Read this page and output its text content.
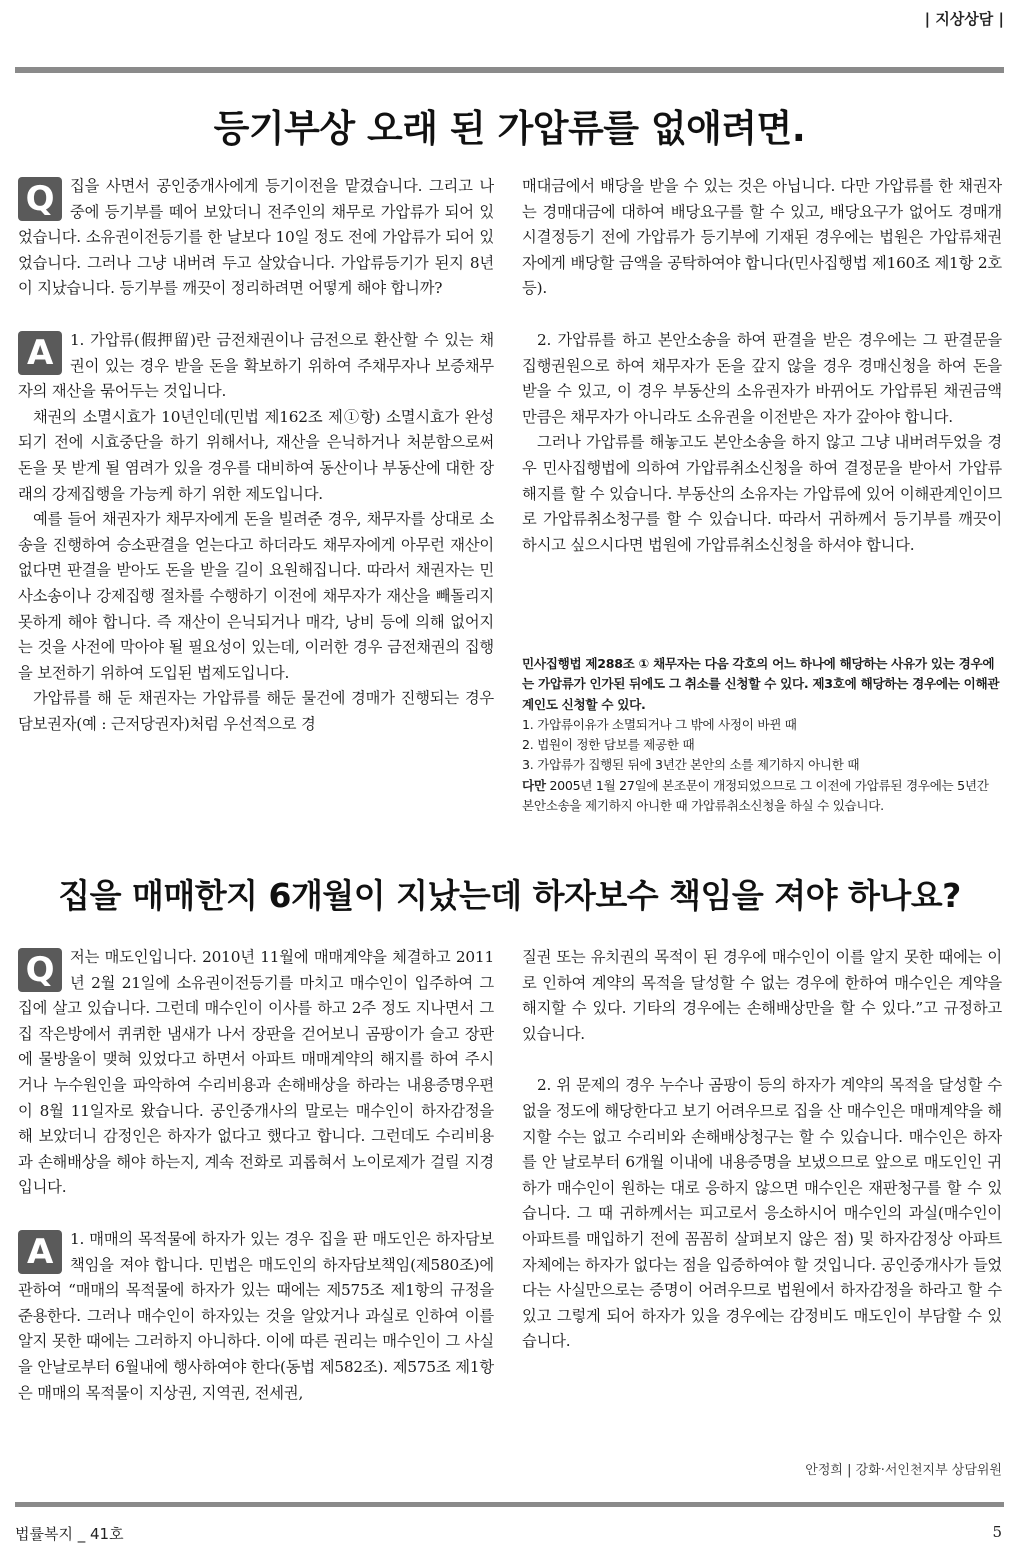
| 지상상담 |
등기부상 오래 된 가압류를 없애려면.
Q	집을 사면서 공인중개사에게 등기이전을 맡겼습니다. 그리고 나중에 등기부를 떼어 보았더니 전주인의 채무로 가압류가 되어 있었습니다. 소유권이전등기를 한 날보다 10일 정도 전에 가압류가 되어 있었습니다. 그러나 그냥 내버려 두고 살았습니다. 가압류등기가 된지 8년이 지났습니다. 등기부를 깨끗이 정리하려면 어떻게 해야 합니까?

A	1. 가압류(假押留)란 금전채권이나 금전으로 환산할 수 있는 채권이 있는 경우 받을 돈을 확보하기 위하여 주채무자나 보증채무자의 재산을 묶어두는 것입니다.

채권의 소멸시효가 10년인데(민법 제162조 제①항) 소멸시효가 완성되기 전에 시효중단을 하기 위해서나, 재산을 은닉하거나 처분함으로써 돈을 못 받게 될 염려가 있을 경우를 대비하여 동산이나 부동산에 대한 장래의 강제집행을 가능케 하기 위한 제도입니다.

예를 들어 채권자가 채무자에게 돈을 빌려준 경우, 채무자를 상대로 소송을 진행하여 승소판결을 얻는다고 하더라도 채무자에게 아무런 재산이 없다면 판결을 받아도 돈을 받을 길이 요원해집니다. 따라서 채권자는 민사소송이나 강제집행 절차를 수행하기 이전에 채무자가 재산을 빼돌리지 못하게 해야 합니다. 즉 재산이 은닉되거나 매각, 낭비 등에 의해 없어지는 것을 사전에 막아야 될 필요성이 있는데, 이러한 경우 금전채권의 집행을 보전하기 위하여 도입된 법제도입니다.

가압류를 해 둔 채권자는 가압류를 해둔 물건에 경매가 진행되는 경우 담보권자(예 : 근저당권자)처럼 우선적으로 경

매대금에서 배당을 받을 수 있는 것은 아닙니다. 다만 가압류를 한 채권자는 경매대금에 대하여 배당요구를 할 수 있고, 배당요구가 없어도 경매개시결정등기 전에 가압류가 등기부에 기재된 경우에는 법원은 가압류채권자에게 배당할 금액을 공탁하여야 합니다(민사집행법 제160조 제1항 2호 등).

2. 가압류를 하고 본안소송을 하여 판결을 받은 경우에는 그 판결문을 집행권원으로 하여 채무자가 돈을 갚지 않을 경우 경매신청을 하여 돈을 받을 수 있고, 이 경우 부동산의 소유권자가 바뀌어도 가압류된 채권금액만큼은 채무자가 아니라도 소유권을 이전받은 자가 갚아야 합니다.

그러나 가압류를 해놓고도 본안소송을 하지 않고 그냥 내버려두었을 경우 민사집행법에 의하여 가압류취소신청을 하여 결정문을 받아서 가압류해지를 할 수 있습니다. 부동산의 소유자는 가압류에 있어 이해관계인이므로 가압류취소청구를 할 수 있습니다. 따라서 귀하께서 등기부를 깨끗이 하시고 싶으시다면 법원에 가압류취소신청을 하셔야 합니다.

민사집행법 제288조 ① 채무자는 다음 각호의 어느 하나에 해당하는 사유가 있는 경우에는 가압류가 인가된 뒤에도 그 취소를 신청할 수 있다. 제3호에 해당하는 경우에는 이해관계인도 신청할 수 있다.

1. 가압류이유가 소멸되거나 그 밖에 사정이 바뀐 때

2. 법원이 정한 담보를 제공한 때

3. 가압류가 집행된 뒤에 3년간 본안의 소를 제기하지 아니한 때

다만 2005년 1월 27일에 본조문이 개정되었으므로 그 이전에 가압류된 경우에는 5년간 본안소송을 제기하지 아니한 때 가압류취소신청을 하실 수 있습니다.

집을 매매한지 6개월이 지났는데 하자보수 책임을 져야 하나요?
Q	저는 매도인입니다. 2010년 11월에 매매계약을 체결하고 2011년 2월 21일에 소유권이전등기를 마치고 매수인이 입주하여 그 집에 살고 있습니다. 그런데 매수인이 이사를 하고 2주 정도 지나면서 그 집 작은방에서 퀴퀴한 냄새가 나서 장판을 걷어보니 곰팡이가 슬고 장판에 물방울이 맺혀 있었다고 하면서 아파트 매매계약의 해지를 하여 주시거나 누수원인을 파악하여 수리비용과 손해배상을 하라는 내용증명우편이 8월 11일자로 왔습니다. 공인중개사의 말로는 매수인이 하자감정을 해 보았더니 감정인은 하자가 없다고 했다고 합니다. 그런데도 수리비용과 손해배상을 해야 하는지, 계속 전화로 괴롭혀서 노이로제가 걸릴 지경입니다.

A	1. 매매의 목적물에 하자가 있는 경우 집을 판 매도인은 하자담보책임을 져야 합니다. 민법은 매도인의 하자담보책임(제580조)에 관하여 “매매의 목적물에 하자가 있는 때에는 제575조 제1항의 규정을 준용한다. 그러나 매수인이 하자있는 것을 알았거나 과실로 인하여 이를 알지 못한 때에는 그러하지 아니하다. 이에 따른 권리는 매수인이 그 사실을 안날로부터 6월내에 행사하여야 한다(동법 제582조). 제575조 제1항은 매매의 목적물이 지상권, 지역권, 전세권,

질권 또는 유치권의 목적이 된 경우에 매수인이 이를 알지 못한 때에는 이로 인하여 계약의 목적을 달성할 수 없는 경우에 한하여 매수인은 계약을 해지할 수 있다. 기타의 경우에는 손해배상만을 할 수 있다.”고 규정하고 있습니다.

2. 위 문제의 경우 누수나 곰팡이 등의 하자가 계약의 목적을 달성할 수 없을 정도에 해당한다고 보기 어려우므로 집을 산 매수인은 매매계약을 해지할 수는 없고 수리비와 손해배상청구는 할 수 있습니다. 매수인은 하자를 안 날로부터 6개월 이내에 내용증명을 보냈으므로 앞으로 매도인인 귀하가 매수인이 원하는 대로 응하지 않으면 매수인은 재판청구를 할 수 있습니다. 그 때 귀하께서는 피고로서 응소하시어 매수인의 과실(매수인이 아파트를 매입하기 전에 꼼꼼히 살펴보지 않은 점) 및 하자감정상 아파트 자체에는 하자가 없다는 점을 입증하여야 할 것입니다. 공인중개사가 들었다는 사실만으로는 증명이 어려우므로 법원에서 하자감정을 하라고 할 수 있고 그렇게 되어 하자가 있을 경우에는 감정비도 매도인이 부담할 수 있습니다.

안정희 | 강화·서인천지부 상담위원
법률복지 _ 41호	5
